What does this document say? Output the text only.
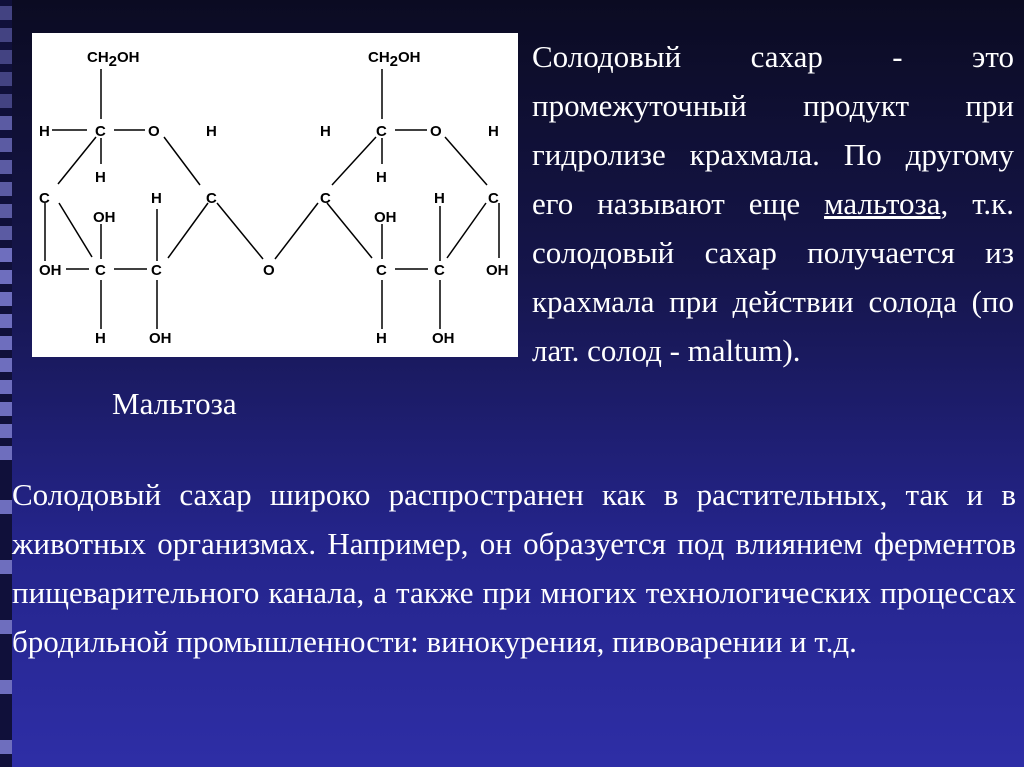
CH2OH
H	C	O	H
H
C	H	C
OH
OH C	C
H	OH
O
CH2OH
H	C	O	H
H
C	H	C
OH
C	C	OH
H	OH
Мальтоза
Солодовый сахар - это промежуточный продукт при гидролизе крахмала. По другому его называют еще мальтоза, т.к. солодовый сахар получается из крахмала при действии солода (по лат. солод - maltum).
Солодовый сахар широко распространен как в растительных, так и в животных организмах. Например, он образуется под влиянием ферментов пищеварительного канала, а также при многих технологических процессах бродильной промышленности: винокурения, пивоварении и т.д.
